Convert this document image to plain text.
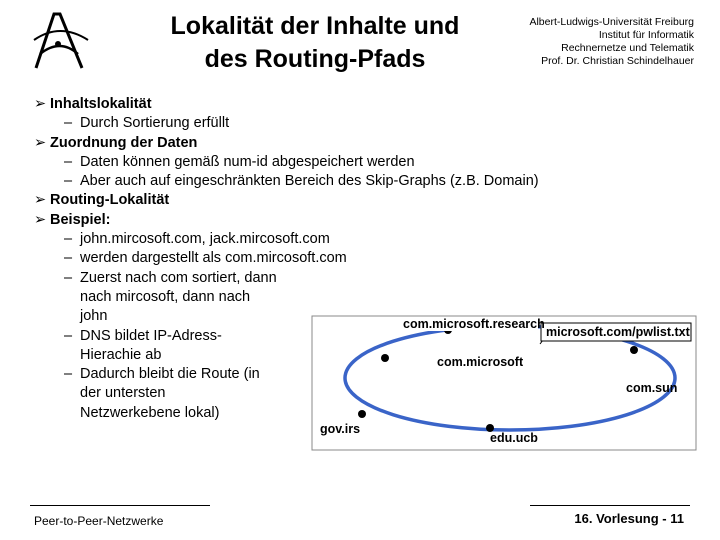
Lokalität der Inhalte und
des Routing-Pfads
Albert-Ludwigs-Universität Freiburg
Institut für Informatik
Rechnernetze und Telematik
Prof. Dr. Christian Schindelhauer
➢ Inhaltslokalität
– Durch Sortierung erfüllt
➢ Zuordnung der Daten
– Daten können gemäß num-id abgespeichert werden
– Aber auch auf eingeschränkten Bereich des Skip-Graphs (z.B. Domain)
➢ Routing-Lokalität
➢ Beispiel:
– john.mircosoft.com, jack.mircosoft.com
– werden dargestellt als com.mircosoft.com
– Zuerst nach com sortiert, dann nach mircosoft, dann nach john
– DNS bildet IP-Adress-Hierachie ab
– Dadurch bleibt die Route (in der untersten Netzwerkebene lokal)
com.microsoft.research
microsoft.com/pwlist.txt
com.microsoft
com.sun
gov.irs
edu.ucb
Peer-to-Peer-Netzwerke	16. Vorlesung - 11
